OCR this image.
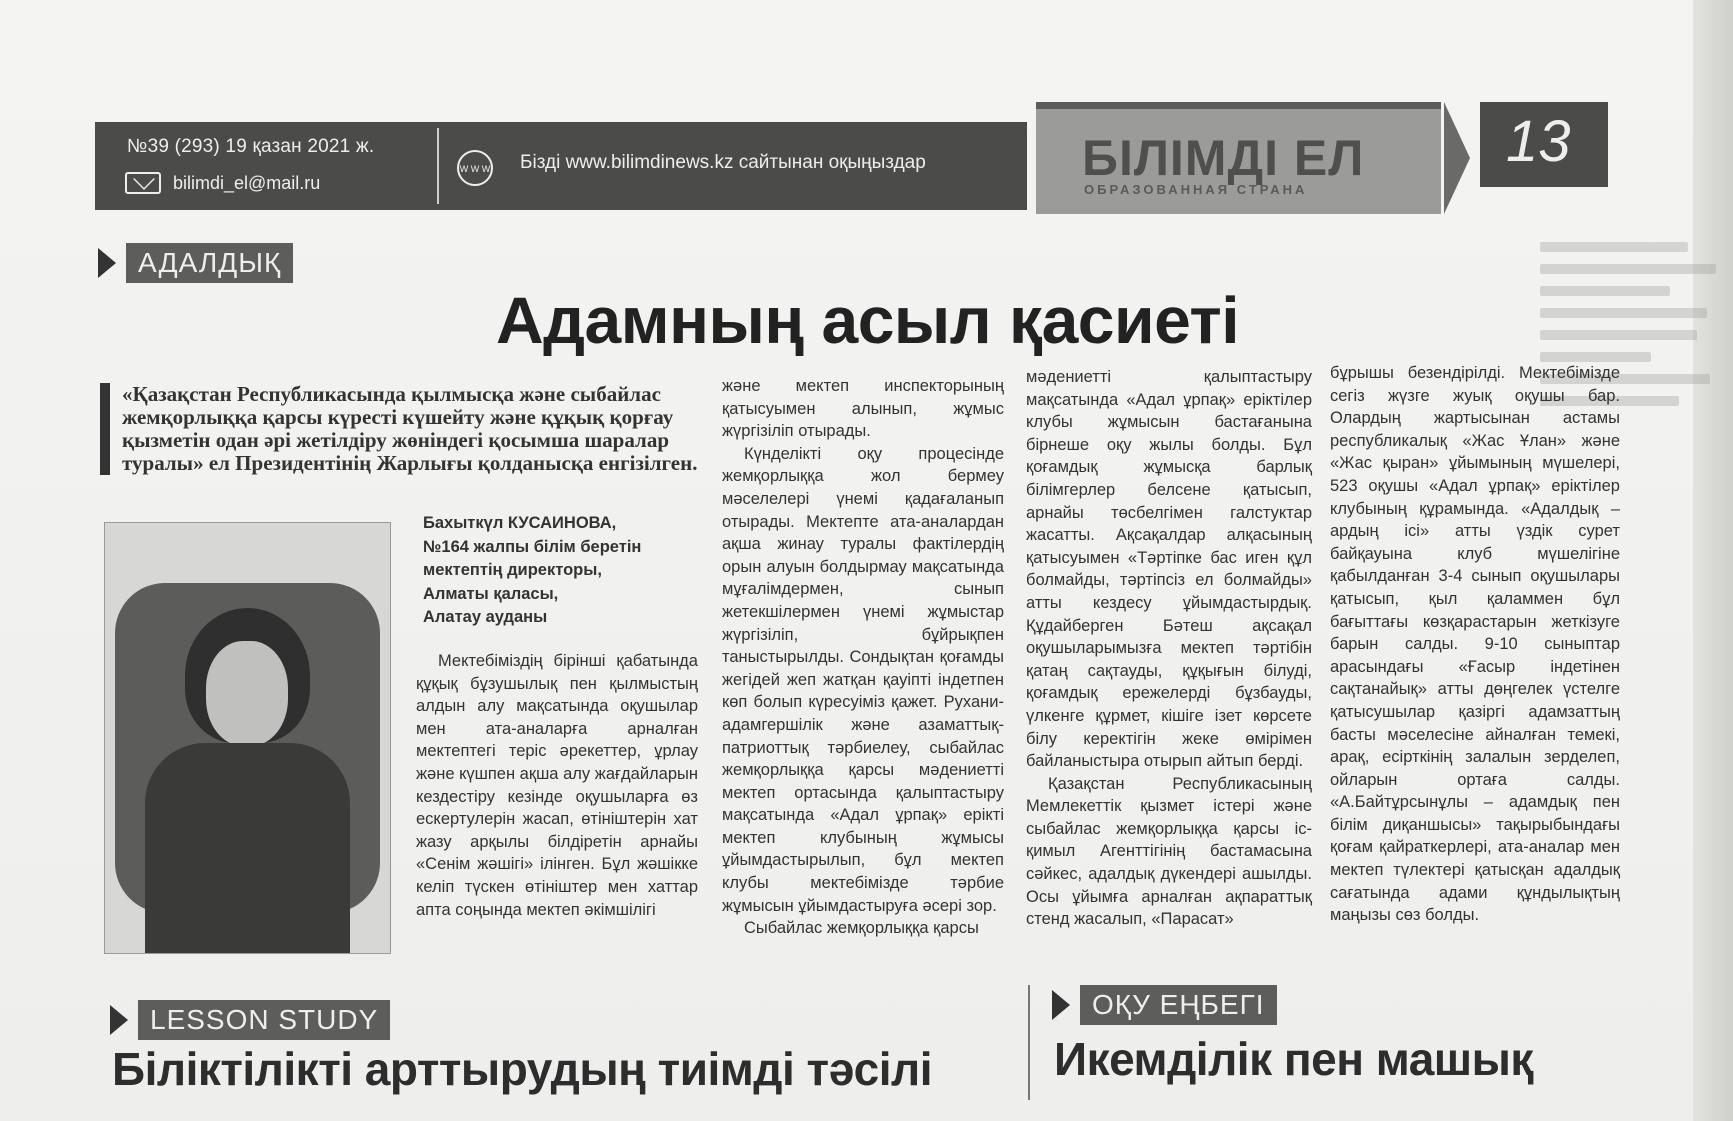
№39 (293) 19 қазан 2021 ж.
bilimdi_el@mail.ru
W W W Бізді www.bilimdinews.kz сайтынан оқыңыздар	БІЛІМДІ ЕЛ
ОБРАЗОВАННАЯ СТРАНА
13
АДАЛДЫҚ
Адамның асыл қасиеті
«Қазақстан Республикасында қылмысқа және сыбайлас жемқорлыққа қарсы күресті күшейту және құқық қорғау қызметін одан әрі жетілдіру жөніндегі қосымша шаралар туралы» ел Президентінің Жарлығы қолданысқа енгізілген.
Бахыткүл КУСАИНОВА,
№164 жалпы білім беретін
мектептің директоры,
Алматы қаласы,
Алатау ауданы

Мектебіміздің бірінші қабатында құқық бұзушылық пен қылмыстың алдын алу мақсатында оқушылар мен ата-аналарға арналған мектептегі теріс әрекеттер, ұрлау және күшпен ақша алу жағдайларын кездестіру кезінде оқушыларға өз ескертулерін жасап, өтініштерін хат жазу арқылы білдіретін арнайы «Сенім жәшігі» ілінген. Бұл жәшікке келіп түскен өтініштер мен хаттар апта соңында мектеп әкімшілігі

және мектеп инспекторының қатысуымен алынып, жұмыс жүргізіліп отырады.

Күнделікті оқу процесінде жемқорлыққа жол бермеу мәселелері үнемі қадағаланып отырады. Мектепте ата-аналардан ақша жинау туралы фактілердің орын алуын болдырмау мақсатында мұғалімдермен, сынып жетекшілермен үнемі жұмыстар жүргізіліп, бұйрықпен таныстырылды. Сондықтан қоғамды жегідей жеп жатқан қауіпті індетпен көп болып күресуіміз қажет. Рухани-адамгершілік және азаматтық-патриоттық тәрбиелеу, сыбайлас жемқорлыққа қарсы мәдениетті мектеп ортасында қалыптастыру мақсатында «Адал ұрпақ» ерікті мектеп клубының жұмысы ұйымдастырылып, бұл мектеп клубы мектебімізде тәрбие жұмысын ұйымдастыруға әсері зор.

Сыбайлас жемқорлыққа қарсы

мәдениетті қалыптастыру мақсатында «Адал ұрпақ» еріктілер клубы жұмысын бастағанына бірнеше оқу жылы болды. Бұл қоғамдық жұмысқа барлық білімгерлер белсене қатысып, арнайы төсбелгімен галстуктар жасатты. Ақсақалдар алқасының қатысуымен «Тәртіпке бас иген құл болмайды, тәртіпсіз ел болмайды» атты кездесу ұйымдастырдық. Құдайберген Бәтеш ақсақал оқушыларымызға мектеп тәртібін қатаң сақтауды, құқығын білуді, қоғамдық ережелерді бұзбауды, үлкенге құрмет, кішіге ізет көрсете білу керектігін жеке өмірімен байланыстыра отырып айтып берді.

Қазақстан Республикасының Мемлекеттік қызмет істері және сыбайлас жемқорлыққа қарсы іс-қимыл Агенттігінің бастамасына сәйкес, адалдық дүкендері ашылды. Осы ұйымға арналған ақпараттық стенд жасалып, «Парасат»

бұрышы безендірілді. Мектебімізде сегіз жүзге жуық оқушы бар. Олардың жартысынан астамы республикалық «Жас Ұлан» және «Жас қыран» ұйымының мүшелері, 523 оқушы «Адал ұрпақ» еріктілер клубының құрамында. «Адалдық – ардың ісі» атты үздік сурет байқауына клуб мүшелігіне қабылданған 3-4 сынып оқушылары қатысып, қыл қаламмен бұл бағыттағы көзқарастарын жеткізуге барын салды. 9-10 сыныптар арасындағы «Ғасыр індетінен сақтанайық» атты дөңгелек үстелге қатысушылар қазіргі адамзаттың басты мәселесіне айналған темекі, арақ, есірткінің залалын зерделеп, ойларын ортаға салды. «А.Байтұрсынұлы – адамдық пен білім диқаншысы» тақырыбындағы қоғам қайраткерлері, ата-аналар мен мектеп түлектері қатысқан адалдық сағатында адами құндылықтың маңызы сөз болды.

LESSON STUDY
Біліктілікті арттырудың тиімді тәсілі
ОҚУ ЕҢБЕГІ
Икемділік пен машық
